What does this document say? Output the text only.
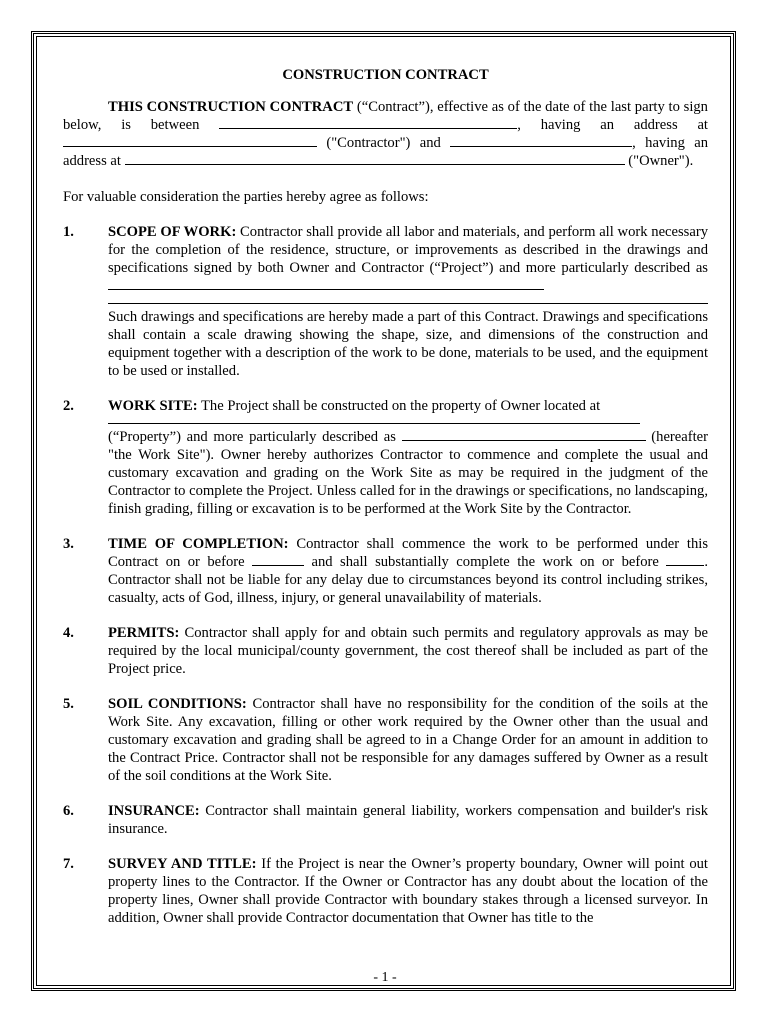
CONSTRUCTION CONTRACT

THIS CONSTRUCTION CONTRACT (“Contract”), effective as of the date of the last party to sign below, is between	, having an address at  ("Contractor") and	, having an address at	("Owner").

For valuable consideration the parties hereby agree as follows:
1. SCOPE OF WORK: Contractor shall provide all labor and materials, and perform all work necessary for the completion of the residence, structure, or improvements as described in the drawings and specifications signed by both Owner and Contractor (“Project”) and more particularly described as
Such drawings and specifications are hereby made a part of this Contract. Drawings and specifications shall contain a scale drawing showing the shape, size, and dimensions of the construction and equipment together with a description of the work to be done, materials to be used, and the equipment to be used or installed.
2. WORK SITE: The Project shall be constructed on the property of Owner located at
(“Property”) and more particularly described as	(hereafter "the Work Site"). Owner hereby authorizes Contractor to commence and complete the usual and customary excavation and grading on the Work Site as may be required in the judgment of the Contractor to complete the Project. Unless called for in the drawings or specifications, no landscaping, finish grading, filling or excavation is to be performed at the Work Site by the Contractor.
3. TIME OF COMPLETION: Contractor shall commence the work to be performed under this Contract on or before	and shall substantially complete the work on or before	. Contractor shall not be liable for any delay due to circumstances beyond its control including strikes, casualty, acts of God, illness, injury, or general unavailability of materials.
4. PERMITS: Contractor shall apply for and obtain such permits and regulatory approvals as may be required by the local municipal/county government, the cost thereof shall be included as part of the Project price.
5. SOIL CONDITIONS: Contractor shall have no responsibility for the condition of the soils at the Work Site. Any excavation, filling or other work required by the Owner other than the usual and customary excavation and grading shall be agreed to in a Change Order for an amount in addition to the Contract Price. Contractor shall not be responsible for any damages suffered by Owner as a result of the soil conditions at the Work Site.
6. INSURANCE: Contractor shall maintain general liability, workers compensation and builder's risk insurance.
7. SURVEY AND TITLE: If the Project is near the Owner’s property boundary, Owner will point out property lines to the Contractor. If the Owner or Contractor has any doubt about the location of the property lines, Owner shall provide Contractor with boundary stakes through a licensed surveyor. In addition, Owner shall provide Contractor documentation that Owner has title to the
- 1 -
